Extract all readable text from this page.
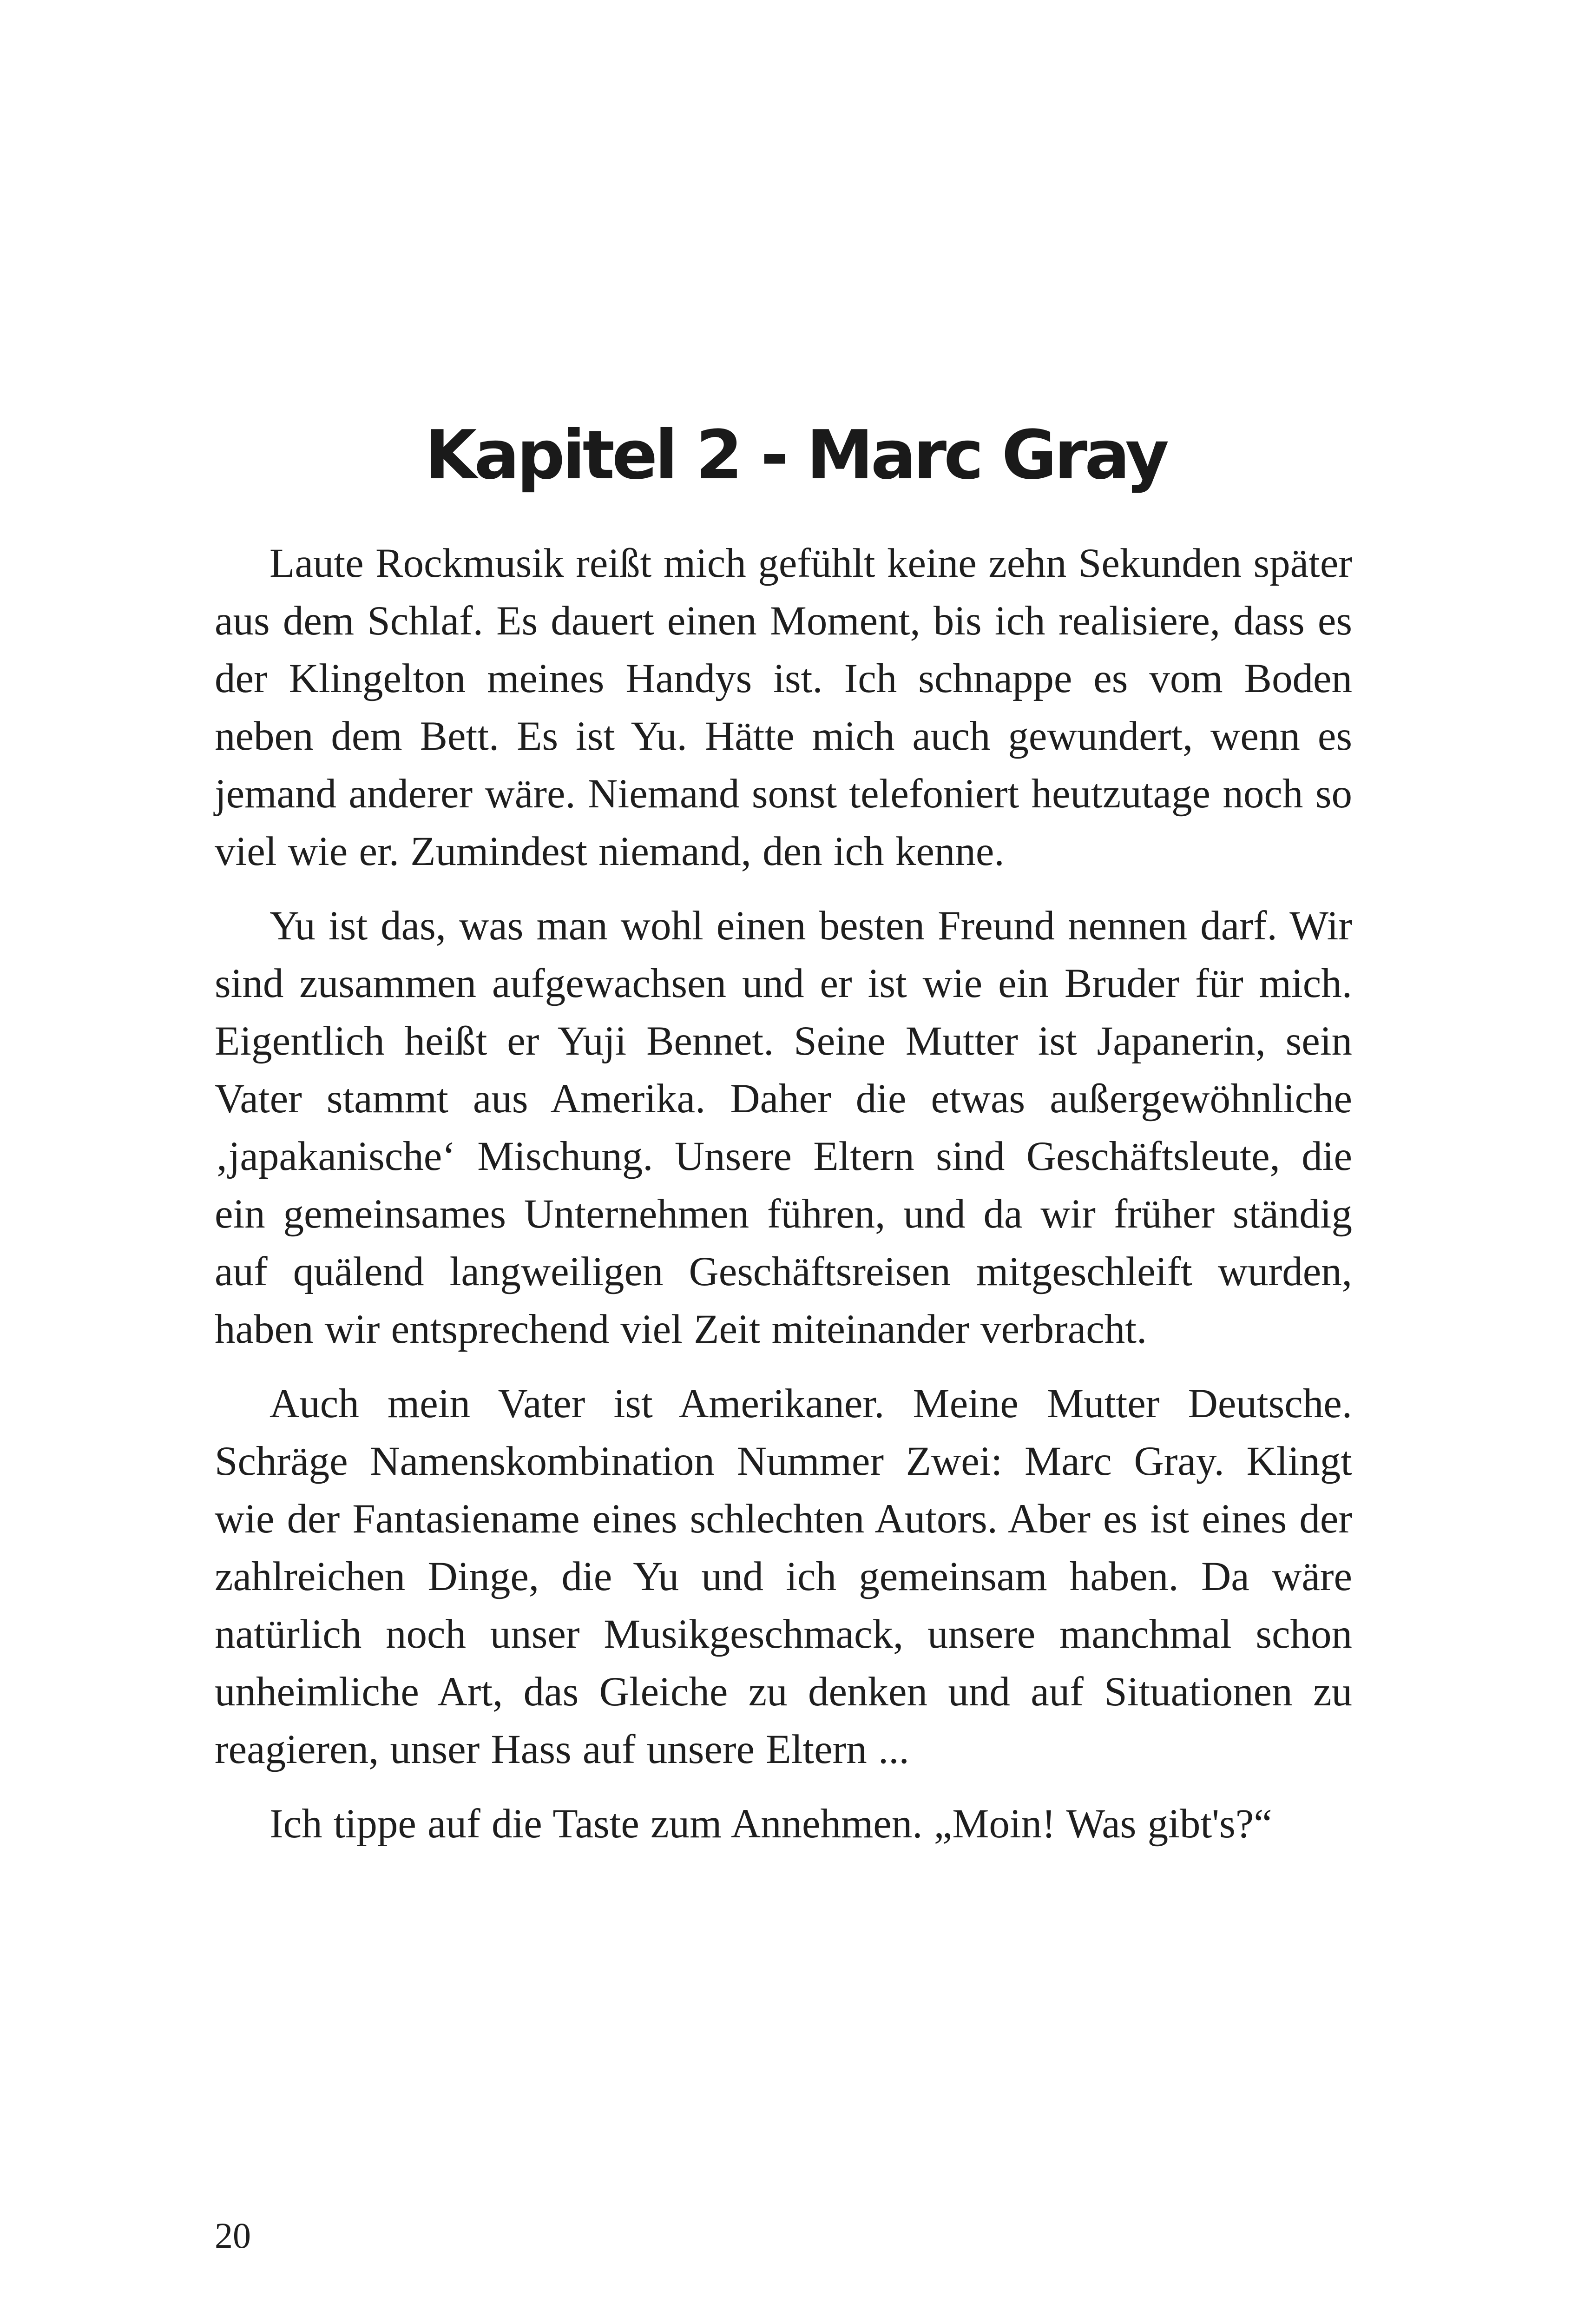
Kapitel 2 - Marc Gray

Laute Rockmusik reißt mich gefühlt keine zehn Sekunden später aus dem Schlaf. Es dauert einen Moment, bis ich realisiere, dass es der Klingelton meines Handys ist. Ich schnappe es vom Boden neben dem Bett. Es ist Yu. Hätte mich auch gewundert, wenn es jemand anderer wäre. Niemand sonst telefoniert heutzutage noch so viel wie er. Zumindest niemand, den ich kenne.

Yu ist das, was man wohl einen besten Freund nennen darf. Wir sind zusammen aufgewachsen und er ist wie ein Bruder für mich. Eigentlich heißt er Yuji Bennet. Seine Mutter ist Japanerin, sein Vater stammt aus Amerika. Daher die etwas außergewöhnliche ‚japakanische‘ Mischung. Unsere Eltern sind Geschäftsleute, die ein gemeinsames Unternehmen führen, und da wir früher ständig auf quälend langweiligen Geschäftsreisen mitgeschleift wurden, haben wir entsprechend viel Zeit miteinander verbracht.

Auch mein Vater ist Amerikaner. Meine Mutter Deutsche. Schräge Namenskombination Nummer Zwei: Marc Gray. Klingt wie der Fantasiename eines schlechten Autors. Aber es ist eines der zahlreichen Dinge, die Yu und ich gemeinsam haben. Da wäre natürlich noch unser Musikgeschmack, unsere manchmal schon unheimliche Art, das Gleiche zu denken und auf Situationen zu reagieren, unser Hass auf unsere Eltern ...

Ich tippe auf die Taste zum Annehmen. „Moin! Was gibt's?“

20
